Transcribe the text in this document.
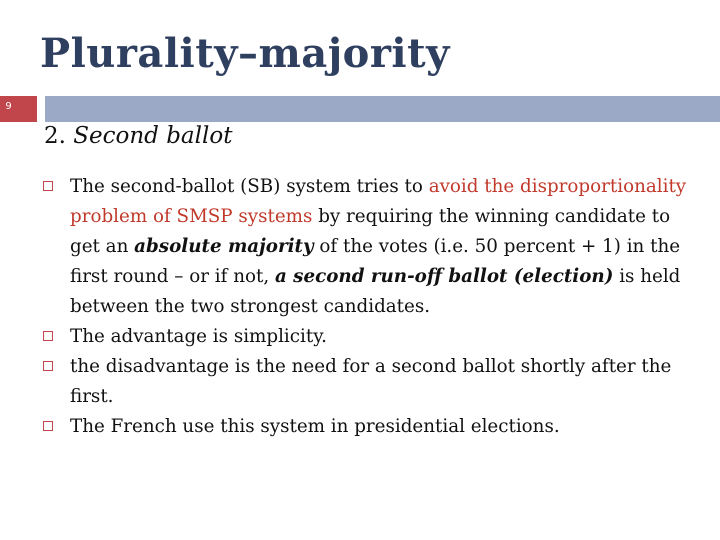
Plurality–majority
9
2. Second ballot
The second-ballot (SB) system tries to avoid the disproportionality problem of SMSP systems by requiring the winning candidate to get an absolute majority of the votes (i.e. 50 percent + 1) in the first round – or if not, a second run-off ballot (election) is held between the two strongest candidates.
The advantage is simplicity.
the disadvantage is the need for a second ballot shortly after the first.
The French use this system in presidential elections.
